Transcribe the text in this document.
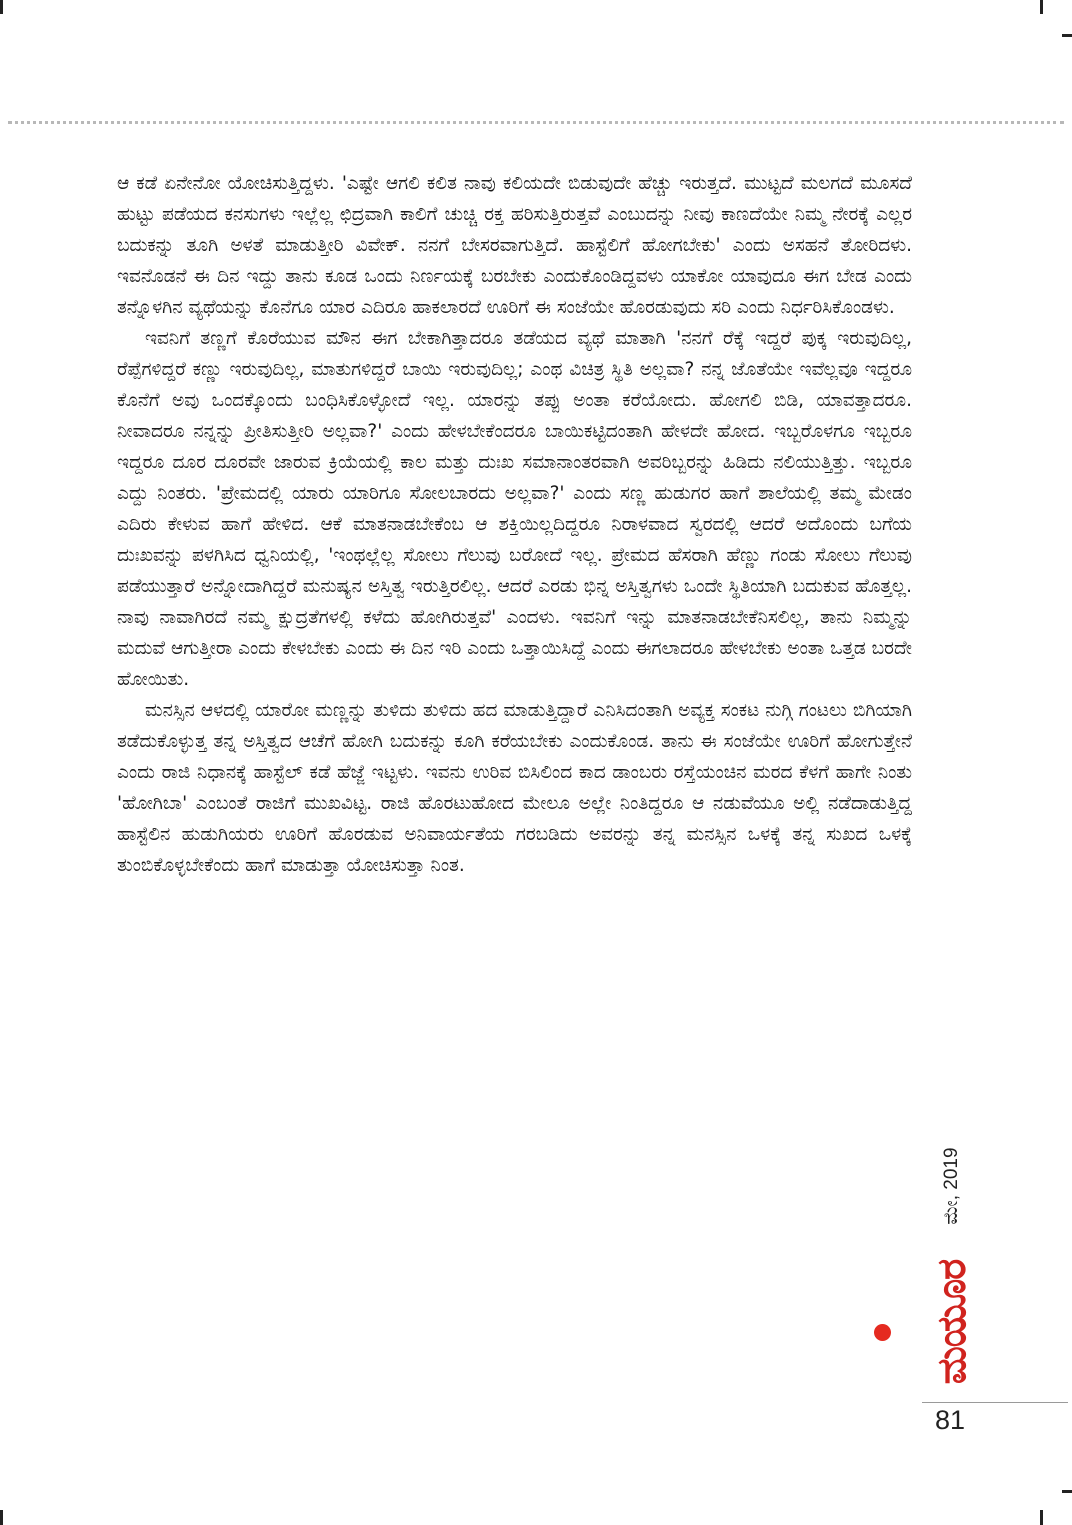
ಆ ಕಡೆ ಏನೇನೋ ಯೋಚಿಸುತ್ತಿದ್ದಳು. 'ಎಷ್ಟೇ ಆಗಲಿ ಕಲಿತ ನಾವು ಕಲಿಯದೇ ಬಿಡುವುದೇ ಹೆಚ್ಚು ಇರುತ್ತದೆ. ಮುಟ್ಟದೆ ಮಲಗದೆ ಮೂಸದೆ ಹುಟ್ಟು ಪಡೆಯದ ಕನಸುಗಳು ಇಲ್ಲೆಲ್ಲ ಛಿದ್ರವಾಗಿ ಕಾಲಿಗೆ ಚುಚ್ಚಿ ರಕ್ತ ಹರಿಸುತ್ತಿರುತ್ತವೆ ಎಂಬುದನ್ನು ನೀವು ಕಾಣದೆಯೇ ನಿಮ್ಮ ನೇರಕ್ಕೆ ಎಲ್ಲರ ಬದುಕನ್ನು ತೂಗಿ ಅಳತೆ ಮಾಡುತ್ತೀರಿ ವಿವೇಕ್. ನನಗೆ ಬೇಸರವಾಗುತ್ತಿದೆ. ಹಾಸ್ಟೆಲಿಗೆ ಹೋಗಬೇಕು' ಎಂದು ಅಸಹನೆ ತೋರಿದಳು. ಇವನೊಡನೆ ಈ ದಿನ ಇದ್ದು ತಾನು ಕೂಡ ಒಂದು ನಿರ್ಣಯಕ್ಕೆ ಬರಬೇಕು ಎಂದುಕೊಂಡಿದ್ದವಳು ಯಾಕೋ ಯಾವುದೂ ಈಗ ಬೇಡ ಎಂದು ತನ್ನೊಳಗಿನ ವ್ಯಥೆಯನ್ನು ಕೊನೆಗೂ ಯಾರ ಎದಿರೂ ಹಾಕಲಾರದೆ ಊರಿಗೆ ಈ ಸಂಜೆಯೇ ಹೊರಡುವುದು ಸರಿ ಎಂದು ನಿರ್ಧರಿಸಿಕೊಂಡಳು.

ಇವನಿಗೆ ತಣ್ಣಗೆ ಕೊರೆಯುವ ಮೌನ ಈಗ ಬೇಕಾಗಿತ್ತಾದರೂ ತಡೆಯದ ವ್ಯಥೆ ಮಾತಾಗಿ 'ನನಗೆ ರೆಕ್ಕೆ ಇದ್ದರೆ ಪುಕ್ಕ ಇರುವುದಿಲ್ಲ, ರೆಪ್ಪೆಗಳಿದ್ದರೆ ಕಣ್ಣು ಇರುವುದಿಲ್ಲ, ಮಾತುಗಳಿದ್ದರೆ ಬಾಯಿ ಇರುವುದಿಲ್ಲ; ಎಂಥ ವಿಚಿತ್ರ ಸ್ಥಿತಿ ಅಲ್ಲವಾ? ನನ್ನ ಜೊತೆಯೇ ಇವೆಲ್ಲವೂ ಇದ್ದರೂ ಕೊನೆಗೆ ಅವು ಒಂದಕ್ಕೊಂದು ಬಂಧಿಸಿಕೊಳ್ಳೋದೆ ಇಲ್ಲ. ಯಾರನ್ನು ತಪ್ಪು ಅಂತಾ ಕರೆಯೋದು. ಹೋಗಲಿ ಬಿಡಿ, ಯಾವತ್ತಾದರೂ. ನೀವಾದರೂ ನನ್ನನ್ನು ಪ್ರೀತಿಸುತ್ತೀರಿ ಅಲ್ಲವಾ?' ಎಂದು ಹೇಳಬೇಕೆಂದರೂ ಬಾಯಿಕಟ್ಟಿದಂತಾಗಿ ಹೇಳದೇ ಹೋದ. ಇಬ್ಬರೊಳಗೂ ಇಬ್ಬರೂ ಇದ್ದರೂ ದೂರ ದೂರವೇ ಜಾರುವ ಕ್ರಿಯೆಯಲ್ಲಿ ಕಾಲ ಮತ್ತು ದುಃಖ ಸಮಾನಾಂತರವಾಗಿ ಅವರಿಬ್ಬರನ್ನು ಹಿಡಿದು ನಲಿಯುತ್ತಿತ್ತು. ಇಬ್ಬರೂ ಎದ್ದು ನಿಂತರು. 'ಪ್ರೇಮದಲ್ಲಿ ಯಾರು ಯಾರಿಗೂ ಸೋಲಬಾರದು ಅಲ್ಲವಾ?' ಎಂದು ಸಣ್ಣ ಹುಡುಗರ ಹಾಗೆ ಶಾಲೆಯಲ್ಲಿ ತಮ್ಮ ಮೇಡಂ ಎದಿರು ಕೇಳುವ ಹಾಗೆ ಹೇಳಿದ. ಆಕೆ ಮಾತನಾಡಬೇಕೆಂಬ ಆ ಶಕ್ತಿಯಿಲ್ಲದಿದ್ದರೂ ನಿರಾಳವಾದ ಸ್ವರದಲ್ಲಿ ಆದರೆ ಅದೊಂದು ಬಗೆಯ ದುಃಖವನ್ನು ಪಳಗಿಸಿದ ಧ್ವನಿಯಲ್ಲಿ, 'ಇಂಥಲ್ಲೆಲ್ಲ ಸೋಲು ಗೆಲುವು ಬರೋದೆ ಇಲ್ಲ. ಪ್ರೇಮದ ಹೆಸರಾಗಿ ಹೆಣ್ಣು ಗಂಡು ಸೋಲು ಗೆಲುವು ಪಡೆಯುತ್ತಾರೆ ಅನ್ನೋದಾಗಿದ್ದರೆ ಮನುಷ್ಯನ ಅಸ್ತಿತ್ವ ಇರುತ್ತಿರಲಿಲ್ಲ. ಆದರೆ ಎರಡು ಭಿನ್ನ ಅಸ್ತಿತ್ವಗಳು ಒಂದೇ ಸ್ಥಿತಿಯಾಗಿ ಬದುಕುವ ಹೊತ್ತಲ್ಲ. ನಾವು ನಾವಾಗಿರದೆ ನಮ್ಮ ಕ್ಷುದ್ರತೆಗಳಲ್ಲಿ ಕಳೆದು ಹೋಗಿರುತ್ತವೆ' ಎಂದಳು. ಇವನಿಗೆ ಇನ್ನು ಮಾತನಾಡಬೇಕೆನಿಸಲಿಲ್ಲ, ತಾನು ನಿಮ್ಮನ್ನು ಮದುವೆ ಆಗುತ್ತೀರಾ ಎಂದು ಕೇಳಬೇಕು ಎಂದು ಈ ದಿನ ಇರಿ ಎಂದು ಒತ್ತಾಯಿಸಿದ್ದೆ ಎಂದು ಈಗಲಾದರೂ ಹೇಳಬೇಕು ಅಂತಾ ಒತ್ತಡ ಬರದೇ ಹೋಯಿತು.

ಮನಸ್ಸಿನ ಆಳದಲ್ಲಿ ಯಾರೋ ಮಣ್ಣನ್ನು ತುಳಿದು ತುಳಿದು ಹದ ಮಾಡುತ್ತಿದ್ದಾರೆ ಎನಿಸಿದಂತಾಗಿ ಅವ್ಯಕ್ತ ಸಂಕಟ ನುಗ್ಗಿ ಗಂಟಲು ಬಿಗಿಯಾಗಿ ತಡೆದುಕೊಳ್ಳುತ್ತ ತನ್ನ ಅಸ್ತಿತ್ವದ ಆಚೆಗೆ ಹೋಗಿ ಬದುಕನ್ನು ಕೂಗಿ ಕರೆಯಬೇಕು ಎಂದುಕೊಂಡ. ತಾನು ಈ ಸಂಜೆಯೇ ಊರಿಗೆ ಹೋಗುತ್ತೇನೆ ಎಂದು ರಾಜಿ ನಿಧಾನಕ್ಕೆ ಹಾಸ್ಟೆಲ್ ಕಡೆ ಹೆಜ್ಜೆ ಇಟ್ಟಳು. ಇವನು ಉರಿವ ಬಿಸಿಲಿಂದ ಕಾದ ಡಾಂಬರು ರಸ್ತೆಯಂಚಿನ ಮರದ ಕೆಳಗೆ ಹಾಗೇ ನಿಂತು 'ಹೋಗಿಬಾ' ಎಂಬಂತೆ ರಾಜಿಗೆ ಮುಖವಿಟ್ಟ. ರಾಜಿ ಹೊರಟುಹೋದ ಮೇಲೂ ಅಲ್ಲೇ ನಿಂತಿದ್ದರೂ ಆ ನಡುವೆಯೂ ಅಲ್ಲಿ ನಡೆದಾಡುತ್ತಿದ್ದ ಹಾಸ್ಟೆಲಿನ ಹುಡುಗಿಯರು ಊರಿಗೆ ಹೊರಡುವ ಅನಿವಾರ್ಯತೆಯ ಗರಬಡಿದು ಅವರನ್ನು ತನ್ನ ಮನಸ್ಸಿನ ಒಳಕ್ಕೆ ತನ್ನ ಸುಖದ ಒಳಕ್ಕೆ ತುಂಬಿಕೊಳ್ಳಬೇಕೆಂದು ಹಾಗೆ ಮಾಡುತ್ತಾ ಯೋಚಿಸುತ್ತಾ ನಿಂತ.

ಮೇ, 2019
ಮಯೂರ
81
